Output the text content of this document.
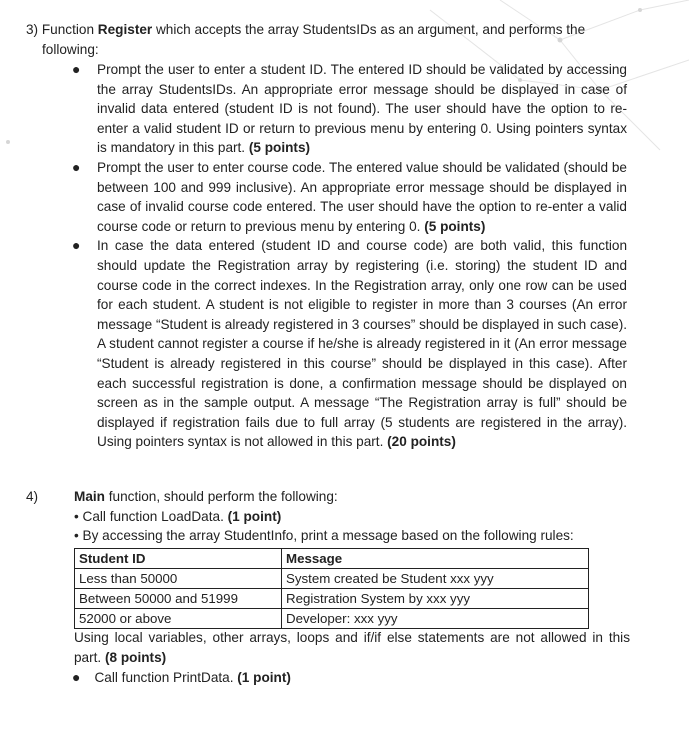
3) Function Register which accepts the array StudentsIDs as an argument, and performs the
following:
● Prompt the user to enter a student ID. The entered ID should be validated by accessing the array StudentsIDs. An appropriate error message should be displayed in case of invalid data entered (student ID is not found). The user should have the option to re-enter a valid student ID or return to previous menu by entering 0. Using pointers syntax is mandatory in this part. (5 points)
● Prompt the user to enter course code. The entered value should be validated (should be between 100 and 999 inclusive). An appropriate error message should be displayed in case of invalid course code entered. The user should have the option to re-enter a valid course code or return to previous menu by entering 0. (5 points)
● In case the data entered (student ID and course code) are both valid, this function should update the Registration array by registering (i.e. storing) the student ID and course code in the correct indexes. In the Registration array, only one row can be used for each student. A student is not eligible to register in more than 3 courses (An error message “Student is already registered in 3 courses” should be displayed in such case). A student cannot register a course if he/she is already registered in it (An error message “Student is already registered in this course” should be displayed in this case). After each successful registration is done, a confirmation message should be displayed on screen as in the sample output. A message “The Registration array is full” should be displayed if registration fails due to full array (5 students are registered in the array). Using pointers syntax is not allowed in this part. (20 points)
4)	Main function, should perform the following:
• Call function LoadData. (1 point)
• By accessing the array StudentInfo, print a message based on the following rules:
Student ID	Message
Less than 50000	System created be Student xxx yyy
Between 50000 and 51999	Registration System by xxx yyy
52000 or above	Developer: xxx yyy
Using local variables, other arrays, loops and if/if else statements are not allowed in this part. (8 points)
● Call function PrintData. (1 point)
